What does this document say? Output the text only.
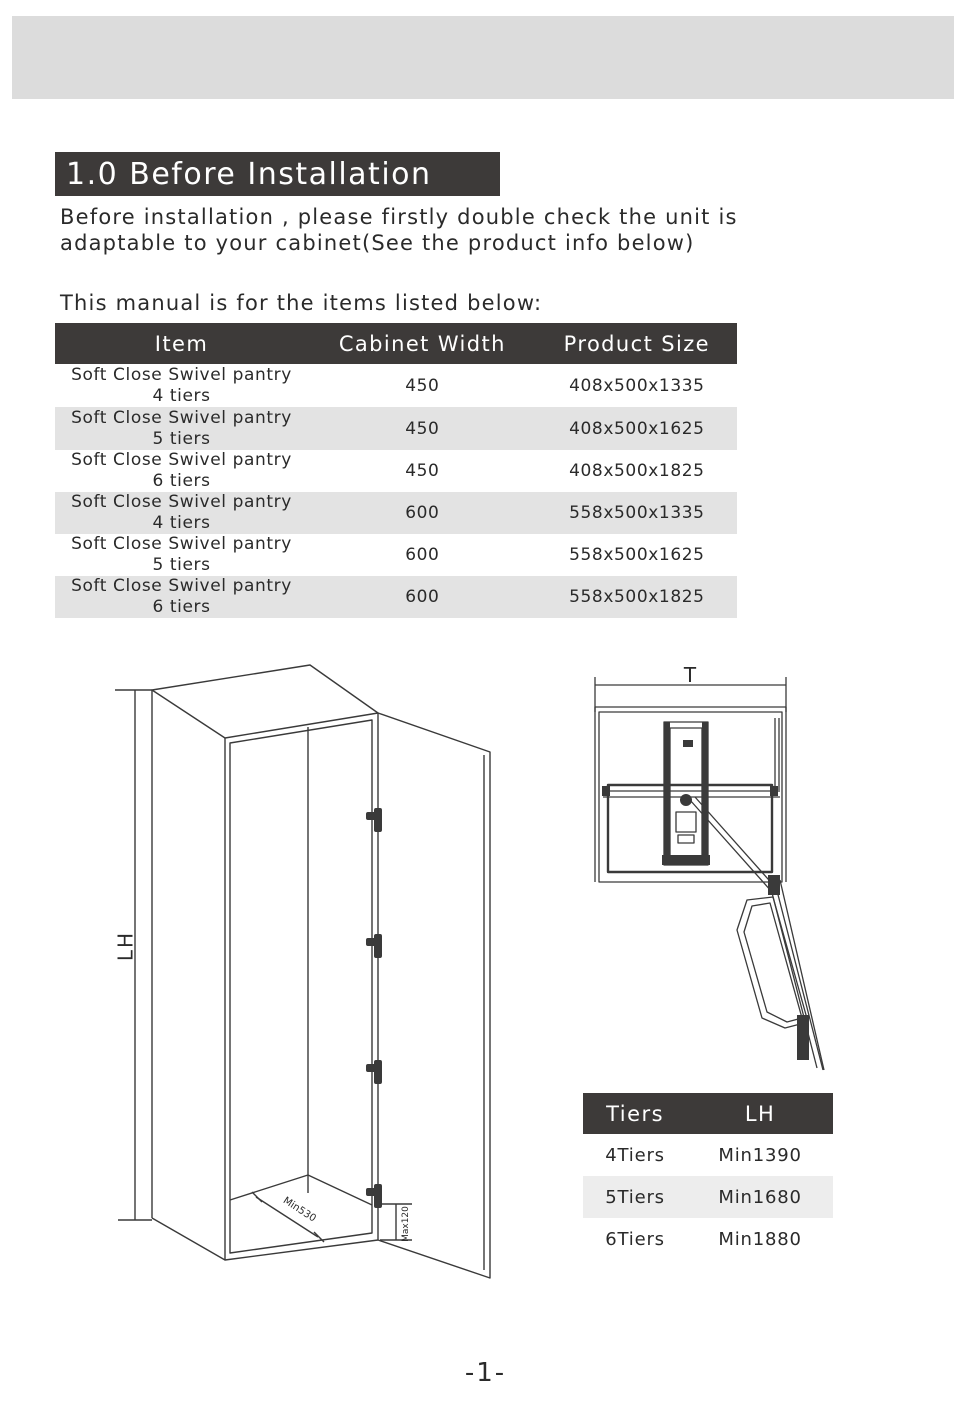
1.0 Before Installation
Before installation , please firstly double check the unit is
adaptable to your cabinet(See the product info below)
This manual is for the items listed below:
Item	Cabinet Width	Product Size

Soft Close Swivel pantry
4 tiers	450	408x500x1335

Soft Close Swivel pantry
5 tiers	450	408x500x1625

Soft Close Swivel pantry
6 tiers	450	408x500x1825

Soft Close Swivel pantry
4 tiers	600	558x500x1335

Soft Close Swivel pantry
5 tiers	600	558x500x1625

Soft Close Swivel pantry
6 tiers	600	558x500x1825
LH
Min530	Max120
T
Tiers	LH
4Tiers	Min1390
5Tiers	Min1680
6Tiers	Min1880
-1-
